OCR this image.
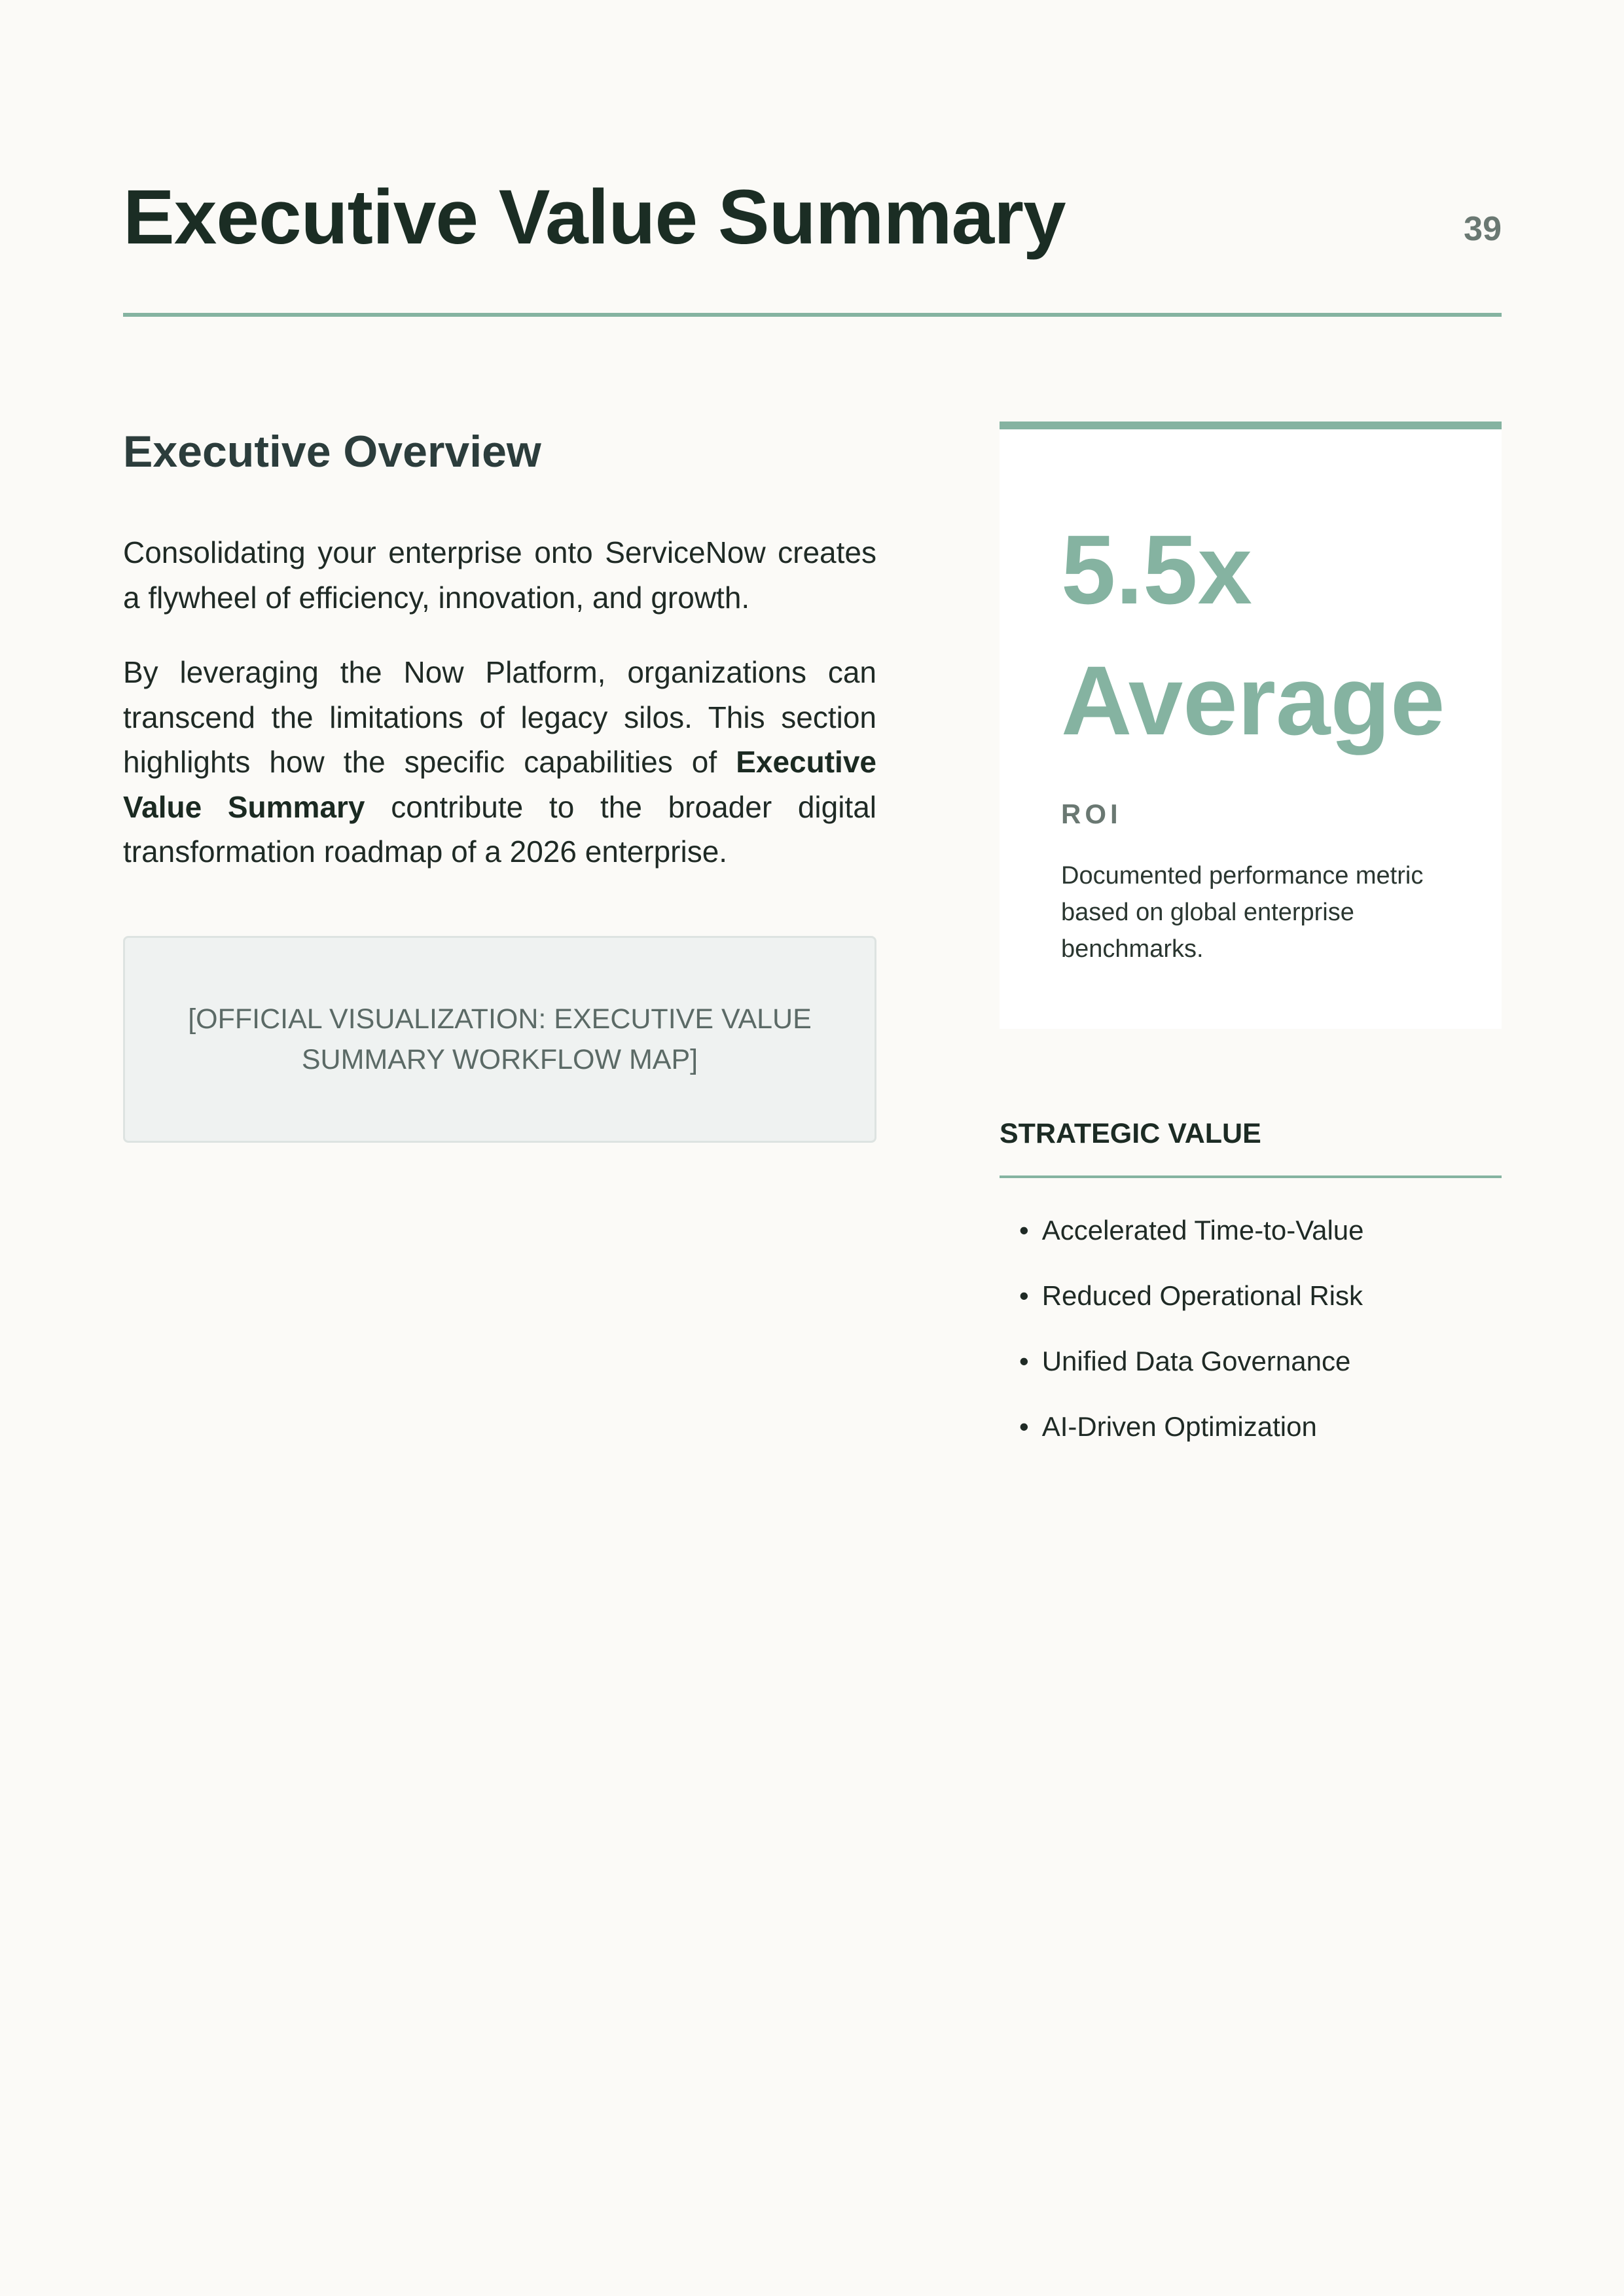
Executive Value Summary	39
Executive Overview

Consolidating your enterprise onto ServiceNow creates a flywheel of efficiency, innovation, and growth.

By leveraging the Now Platform, organizations can transcend the limitations of legacy silos. This section highlights how the specific capabilities of Executive Value Summary contribute to the broader digital transformation roadmap of a 2026 enterprise.

[OFFICIAL VISUALIZATION: EXECUTIVE VALUE SUMMARY WORKFLOW MAP]
5.5x Average
ROI
Documented performance metric based on global enterprise benchmarks.
STRATEGIC VALUE
• Accelerated Time-to-Value
• Reduced Operational Risk
• Unified Data Governance
• AI-Driven Optimization
